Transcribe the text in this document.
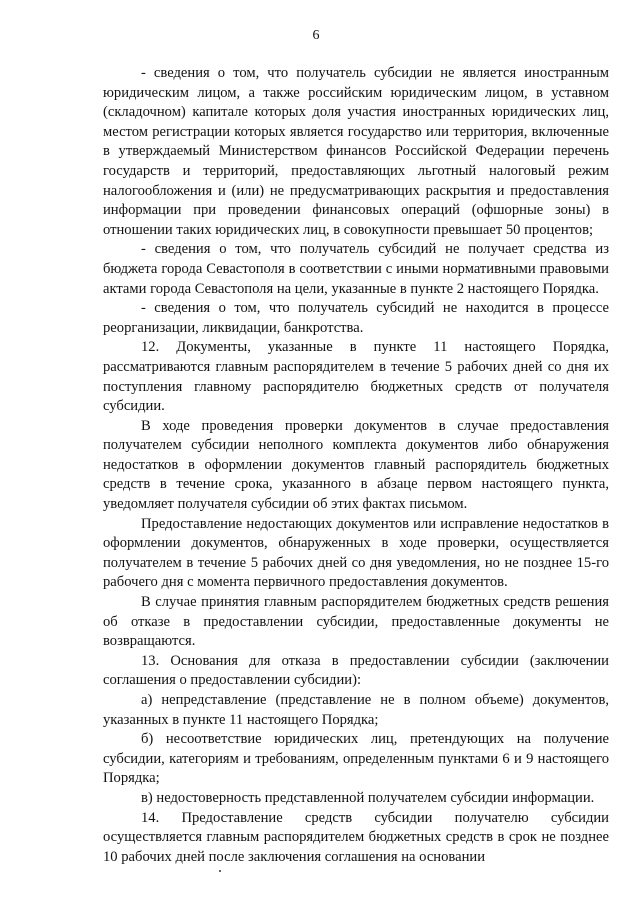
6

- сведения о том, что получатель субсидии не является иностранным юридическим лицом, а также российским юридическим лицом, в уставном (складочном) капитале которых доля участия иностранных юридических лиц, местом регистрации которых является государство или территория, включенные в утверждаемый Министерством финансов Российской Федерации перечень государств и территорий, предоставляющих льготный налоговый режим налогообложения и (или) не предусматривающих раскрытия и предоставления информации при проведении финансовых операций (офшорные зоны) в отношении таких юридических лиц, в совокупности превышает 50 процентов;

- сведения о том, что получатель субсидий не получает средства из бюджета города Севастополя в соответствии с иными нормативными правовыми актами города Севастополя на цели, указанные в пункте 2 настоящего Порядка.

- сведения о том, что получатель субсидий не находится в процессе реорганизации, ликвидации, банкротства.

12. Документы, указанные в пункте 11 настоящего Порядка, рассматриваются главным распорядителем в течение 5 рабочих дней со дня их поступления главному распорядителю бюджетных средств от получателя субсидии.

В ходе проведения проверки документов в случае предоставления получателем субсидии неполного комплекта документов либо обнаружения недостатков в оформлении документов главный распорядитель бюджетных средств в течение срока, указанного в абзаце первом настоящего пункта, уведомляет получателя субсидии об этих фактах письмом.

Предоставление недостающих документов или исправление недостатков в оформлении документов, обнаруженных в ходе проверки, осуществляется получателем в течение 5 рабочих дней со дня уведомления, но не позднее 15-го рабочего дня с момента первичного предоставления документов.

В случае принятия главным распорядителем бюджетных средств решения об отказе в предоставлении субсидии, предоставленные документы не возвращаются.

13. Основания для отказа в предоставлении субсидии (заключении соглашения о предоставлении субсидии):

а) непредставление (представление не в полном объеме) документов, указанных в пункте 11 настоящего Порядка;

б) несоответствие юридических лиц, претендующих на получение субсидии, категориям и требованиям, определенным пунктами 6 и 9 настоящего Порядка;

в) недостоверность представленной получателем субсидии информации.

14. Предоставление средств субсидии получателю субсидии осуществляется главным распорядителем бюджетных средств в срок не позднее 10 рабочих дней после заключения соглашения на основании
